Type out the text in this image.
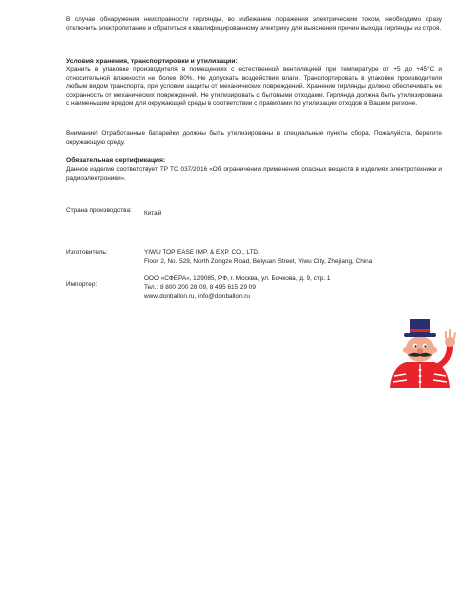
В случае обнаружения неисправности гирлянды, во избежание поражения электрическим током, необходимо сразу отключить электропитание и обратиться к квалифицированному электрику для выяснения причин выхода гирлянды из строя.
Условия хранения, транспортировки и утилизации:
Хранить в упаковке производителя в помещениях с естественной вентиляцией при температуре от +5 до +45°С и относительной влажности не более 80%. Не допускать воздействия влаги. Транспортировать в упаковке производителя любым видом транспорта, при условии защиты от механических повреждений. Хранение гирлянды должно обеспечивать ее сохранность от механических повреждений. Не утилизировать с бытовыми отходами. Гирлянда должна быть утилизирована с наименьшим вредом для окружающей среды в соответствии с правилами по утилизации отходов в Вашем регионе.
Внимание! Отработанные батарейки должны быть утилизированы в специальные пункты сбора. Пожалуйста, берегите окружающую среду.
Обязательная сертификация:
Данное изделие соответствует ТР ТС 037/2016 «Об ограничении применения опасных веществ в изделиях электротехники и радиоэлектроники».
Страна производства:	Китай
Изготовитель:	YIWU TOP EASE IMP. & EXP. CO., LTD.
Floor 2, No. 529, North Zongze Road, Beiyuan Street, Yiwu City, Zhejiang, China
Импортер:
ООО «СФЕРА», 129085, РФ, г. Москва, ул. Бочкова, д. 9, стр. 1
Тел.: 8 800 200 28 09, 8 495 615 29 09
www.donballon.ru, info@donballon.ru
